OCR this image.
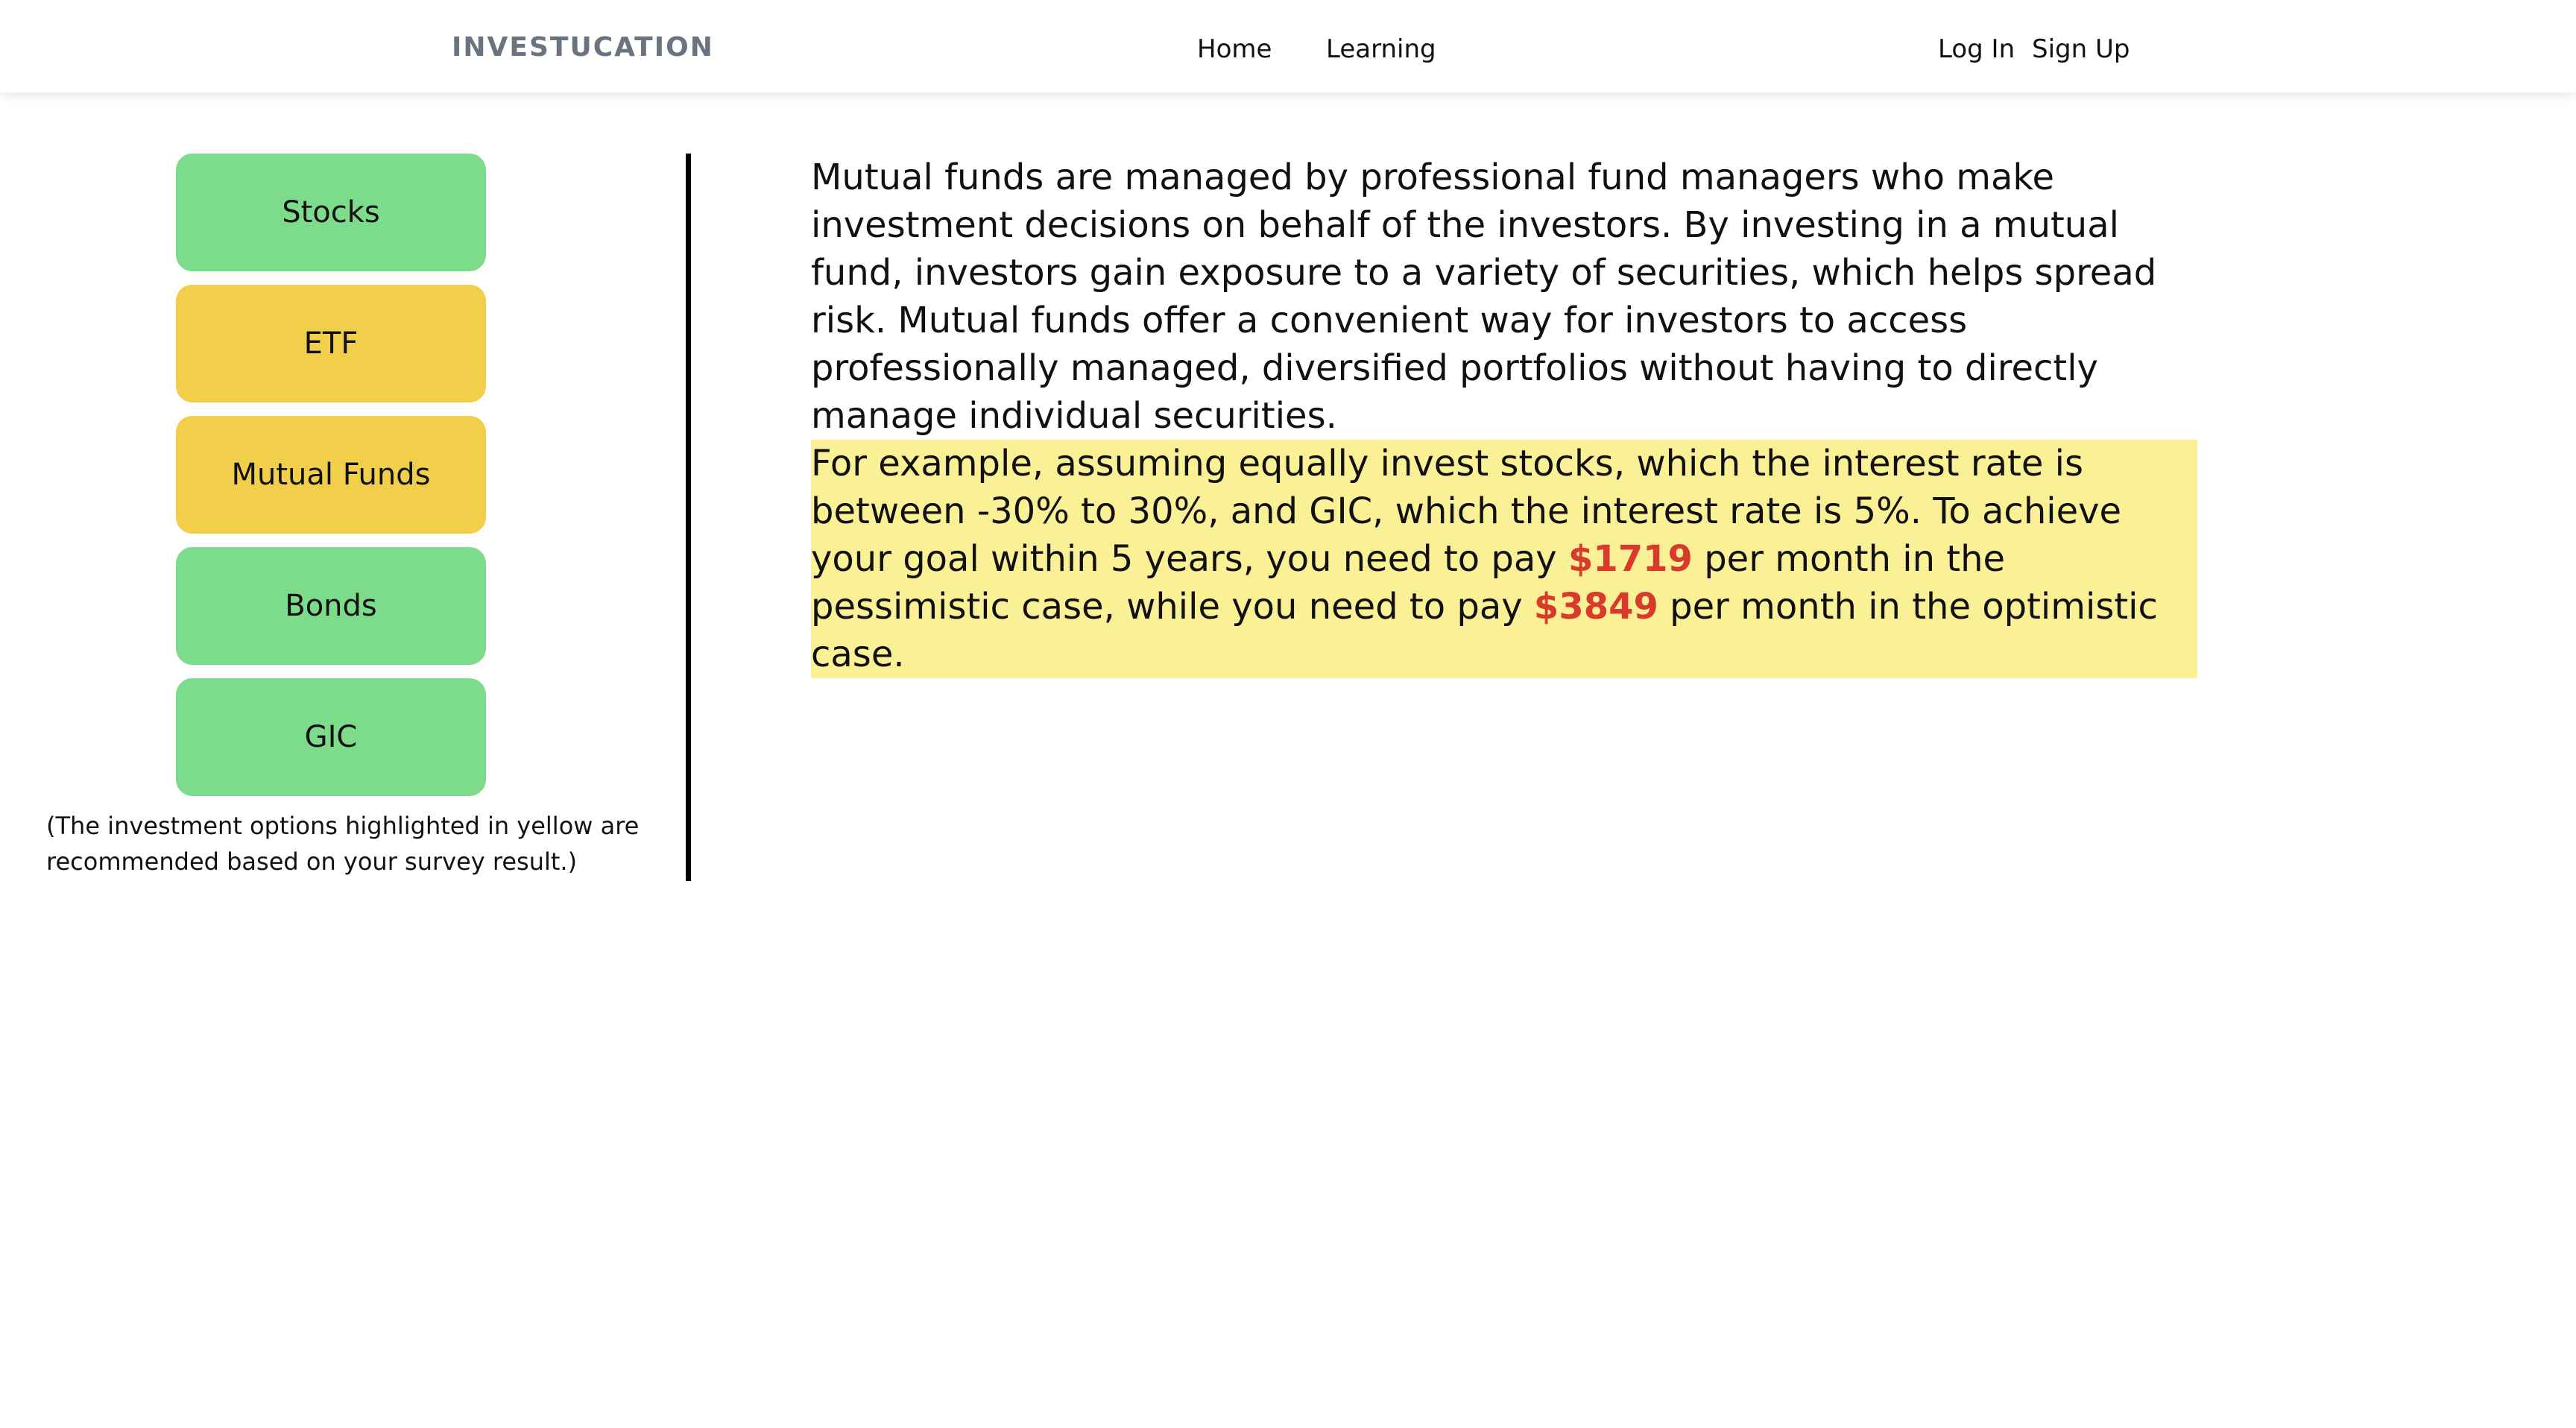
INVESTUCATION	Home Learning	Log In Sign Up
Stocks
ETF
Mutual Funds
Bonds
GIC
(The investment options highlighted in yellow are recommended based on your survey result.)

Mutual funds are managed by professional fund managers who make investment decisions on behalf of the investors. By investing in a mutual fund, investors gain exposure to a variety of securities, which helps spread risk. Mutual funds offer a convenient way for investors to access professionally managed, diversified portfolios without having to directly manage individual securities.

For example, assuming equally invest stocks, which the interest rate is between -30% to 30%, and GIC, which the interest rate is 5%. To achieve your goal within 5 years, you need to pay $1719 per month in the pessimistic case, while you need to pay $3849 per month in the optimistic case.
